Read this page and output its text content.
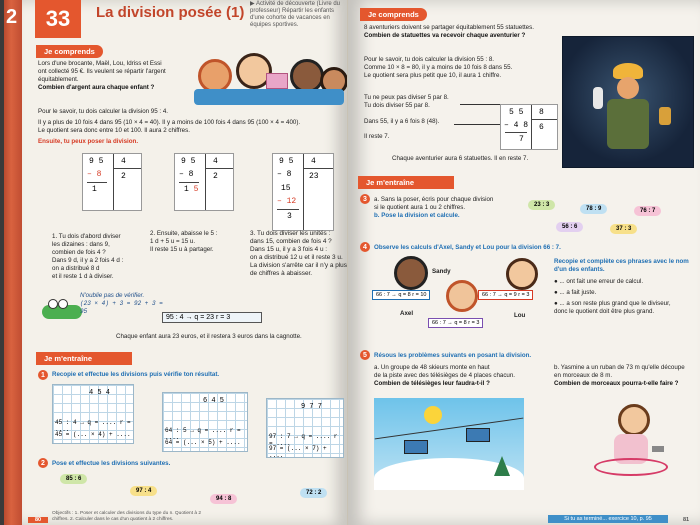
2	33	La division posée (1) ▶ Activité de découverte (Livre du professeur) Répartir les enfants d'une cohorte de vacances en équipes sportives.
Je comprends
Lors d'une brocante, Maël, Lou, Idriss et Essi
ont collecté 95 €. Ils veulent se répartir l'argent
équitablement.
Combien d'argent aura chaque enfant ?
Pour le savoir, tu dois calculer la division 95 : 4.
Il y a plus de 10 fois 4 dans 95 (10 × 4 = 40). Il y a moins de 100 fois 4 dans 95 (100 × 4 = 400).
Le quotient sera donc entre 10 et 100. Il aura 2 chiffres.
Ensuite, tu peux poser la division.
9 5 4
– 8 2
1
9 5 4
– 8 2
1 5
9 5 4
– 8 23
15
– 12
3
1. Tu dois d'abord diviser
les dizaines : dans 9,
combien de fois 4 ?
Dans 9 d, il y a 2 fois 4 d :
on a distribué 8 d
et il reste 1 d à diviser.
2. Ensuite, abaisse le 5 :
1 d + 5 u = 15 u.
Il reste 15 u à partager.
3. Tu dois diviser les unités :
dans 15, combien de fois 4 ?
Dans 15 u, il y a 3 fois 4 u :
on a distribué 12 u et il reste 3 u.
La division s'arrête car il n'y a plus
de chiffres à abaisser.
N'oublie pas de vérifier.
(23 × 4) + 3 = 92 + 3 = 95
95 : 4 → q = 23 r = 3
Chaque enfant aura 23 euros, et il restera 3 euros dans la cagnotte.
Je m'entraîne
1	Recopie et effectue les divisions puis vérifie ton résultat.
4 5 4
45 : 4 → q = .... r = ....
45 = (... × 4) + ....
6 4 5
64 : 5 → q = .... r = ....
64 = (... × 5) + ....
9 7 7
97 : 7 → q = .... r = ....
97 = (... × 7) + ....
2	Pose et effectue les divisions suivantes.
85 : 6
97 : 4
94 : 8
72 : 2
80
Objectifs : 1. Poser et calculer des divisions du type du n. Quotient à 2 chiffres. 2. Calculer dans le cas d'un quotient à 2 chiffres.
Je comprends
8 aventuriers doivent se partager équitablement 55 statuettes.
Combien de statuettes va recevoir chaque aventurier ?
Pour le savoir, tu dois calculer la division 55 : 8.
Comme 10 × 8 = 80, il y a moins de 10 fois 8 dans 55.
Le quotient sera plus petit que 10, il aura 1 chiffre.
Tu ne peux pas diviser 5 par 8.
Tu dois diviser 55 par 8.
Dans 55, il y a 6 fois 8 (48).
Il reste 7.
5 5 8
– 4 8 6
7
Chaque aventurier aura 6 statuettes. Il en reste 7.
Je m'entraîne
3	a. Sans la poser, écris pour chaque division
si le quotient aura 1 ou 2 chiffres.
b. Pose la division et calcule.
23 : 3
78 : 9	76 : 7
56 : 6	37 : 3
4	Observe les calculs d'Axel, Sandy et Lou pour la division 66 : 7.
Sandy
66 : 7 → q = 8 r = 10	66 : 7 → q = 9 r = 3
Axel	Lou
66 : 7 → q = 8 r = 3
Recopie et complète ces phrases avec le nom d'un des enfants.
● ... ont fait une erreur de calcul.
● ... a fait juste.
● ... a son reste plus grand que le diviseur,
donc le quotient doit être plus grand.
5	Résous les problèmes suivants en posant la division.
a. Un groupe de 48 skieurs monte en haut
de la piste avec des télésièges de 4 places chacun.
Combien de télésièges leur faudra-t-il ?
b. Yasmine a un ruban de 73 m qu'elle découpe
en morceaux de 8 m.
Combien de morceaux pourra-t-elle faire ?
Si tu as terminé... exercice 10, p. 95	81
